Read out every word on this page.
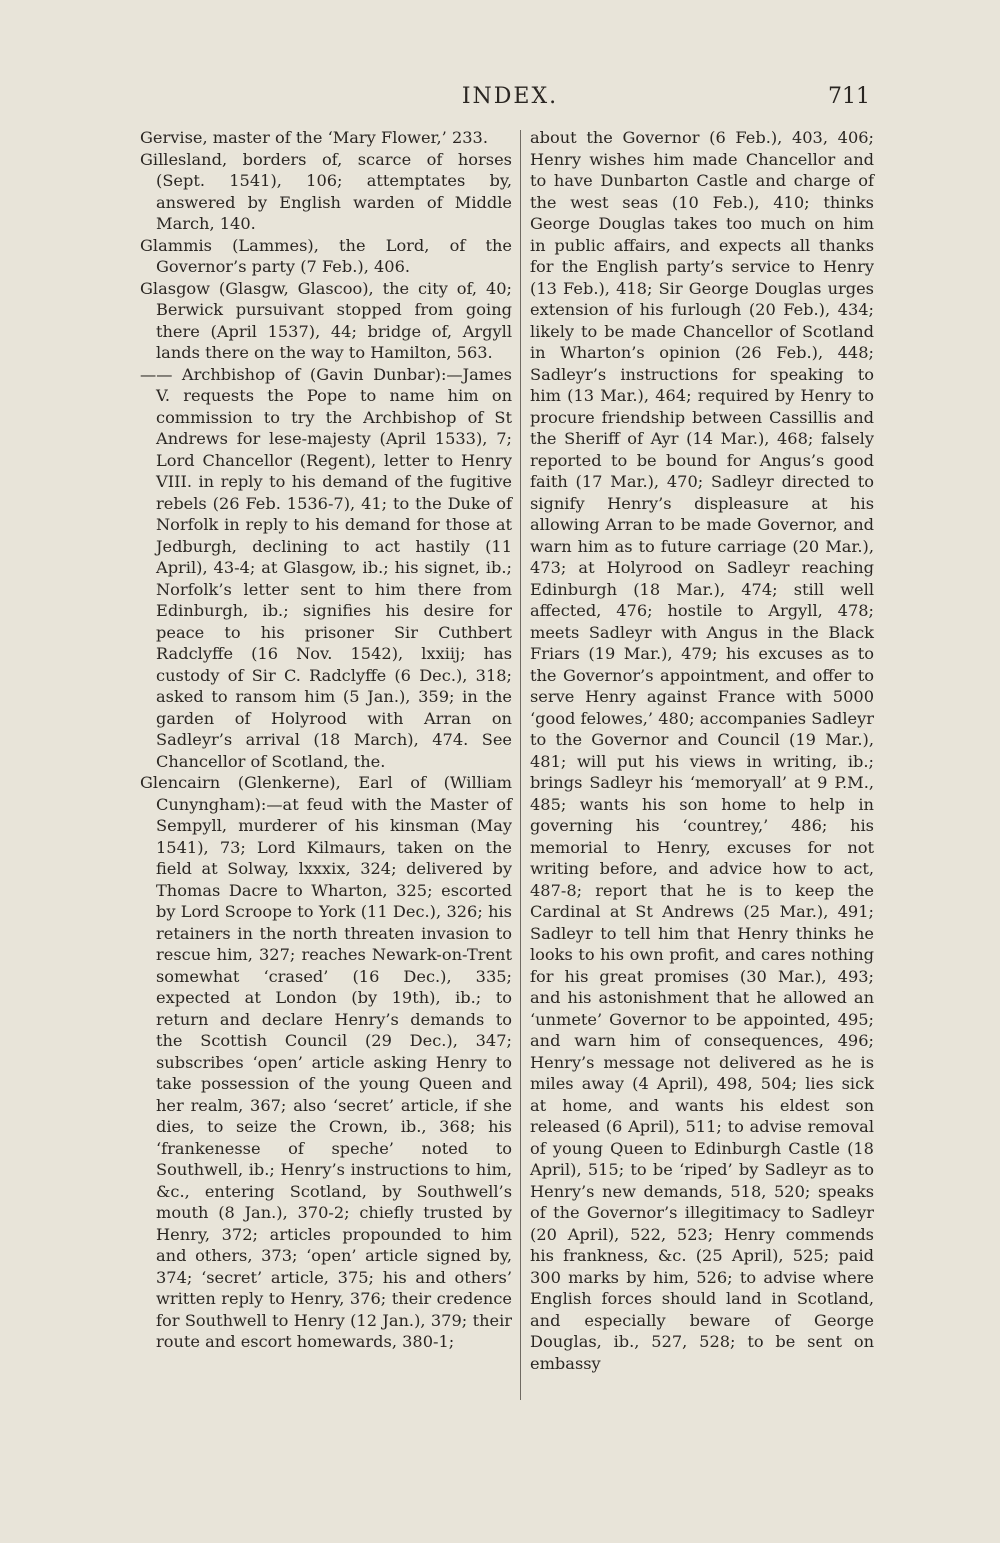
INDEX.	711

Gervise, master of the ‘Mary Flower,’ 233.

Gillesland, borders of, scarce of horses (Sept. 1541), 106; attemptates by, answered by English warden of Middle March, 140.

Glammis (Lammes), the Lord, of the Governor’s party (7 Feb.), 406.

Glasgow (Glasgw, Glascoo), the city of, 40; Berwick pursuivant stopped from going there (April 1537), 44; bridge of, Argyll lands there on the way to Hamilton, 563.

—— Archbishop of (Gavin Dunbar):—James V. requests the Pope to name him on commission to try the Archbishop of St Andrews for lese-majesty (April 1533), 7; Lord Chancellor (Regent), letter to Henry VIII. in reply to his demand of the fugitive rebels (26 Feb. 1536-7), 41; to the Duke of Norfolk in reply to his demand for those at Jedburgh, declining to act hastily (11 April), 43-4; at Glasgow, ib.; his signet, ib.; Norfolk’s letter sent to him there from Edinburgh, ib.; signifies his desire for peace to his prisoner Sir Cuthbert Radclyffe (16 Nov. 1542), lxxiij; has custody of Sir C. Radclyffe (6 Dec.), 318; asked to ransom him (5 Jan.), 359; in the garden of Holyrood with Arran on Sadleyr’s arrival (18 March), 474. See Chancellor of Scotland, the.

Glencairn (Glenkerne), Earl of (William Cunyngham):—at feud with the Master of Sempyll, murderer of his kinsman (May 1541), 73; Lord Kilmaurs, taken on the field at Solway, lxxxix, 324; delivered by Thomas Dacre to Wharton, 325; escorted by Lord Scroope to York (11 Dec.), 326; his retainers in the north threaten invasion to rescue him, 327; reaches Newark-on-Trent somewhat ‘crased’ (16 Dec.), 335; expected at London (by 19th), ib.; to return and declare Henry’s demands to the Scottish Council (29 Dec.), 347; subscribes ‘open’ article asking Henry to take possession of the young Queen and her realm, 367; also ‘secret’ article, if she dies, to seize the Crown, ib., 368; his ‘frankenesse of speche’ noted to Southwell, ib.; Henry’s instructions to him, &c., entering Scotland, by Southwell’s mouth (8 Jan.), 370-2; chiefly trusted by Henry, 372; articles propounded to him and others, 373; ‘open’ article signed by, 374; ‘secret’ article, 375; his and others’ written reply to Henry, 376; their credence for Southwell to Henry (12 Jan.), 379; their route and escort homewards, 380-1;

about the Governor (6 Feb.), 403, 406; Henry wishes him made Chancellor and to have Dunbarton Castle and charge of the west seas (10 Feb.), 410; thinks George Douglas takes too much on him in public affairs, and expects all thanks for the English party’s service to Henry (13 Feb.), 418; Sir George Douglas urges extension of his furlough (20 Feb.), 434; likely to be made Chancellor of Scotland in Wharton’s opinion (26 Feb.), 448; Sadleyr’s instructions for speaking to him (13 Mar.), 464; required by Henry to procure friendship between Cassillis and the Sheriff of Ayr (14 Mar.), 468; falsely reported to be bound for Angus’s good faith (17 Mar.), 470; Sadleyr directed to signify Henry’s displeasure at his allowing Arran to be made Governor, and warn him as to future carriage (20 Mar.), 473; at Holyrood on Sadleyr reaching Edinburgh (18 Mar.), 474; still well affected, 476; hostile to Argyll, 478; meets Sadleyr with Angus in the Black Friars (19 Mar.), 479; his excuses as to the Governor’s appointment, and offer to serve Henry against France with 5000 ‘good felowes,’ 480; accompanies Sadleyr to the Governor and Council (19 Mar.), 481; will put his views in writing, ib.; brings Sadleyr his ‘memoryall’ at 9 P.M., 485; wants his son home to help in governing his ‘countrey,’ 486; his memorial to Henry, excuses for not writing before, and advice how to act, 487-8; report that he is to keep the Cardinal at St Andrews (25 Mar.), 491; Sadleyr to tell him that Henry thinks he looks to his own profit, and cares nothing for his great promises (30 Mar.), 493; and his astonishment that he allowed an ‘unmete’ Governor to be appointed, 495; and warn him of consequences, 496; Henry’s message not delivered as he is miles away (4 April), 498, 504; lies sick at home, and wants his eldest son released (6 April), 511; to advise removal of young Queen to Edinburgh Castle (18 April), 515; to be ‘riped’ by Sadleyr as to Henry’s new demands, 518, 520; speaks of the Governor’s illegitimacy to Sadleyr (20 April), 522, 523; Henry commends his frankness, &c. (25 April), 525; paid 300 marks by him, 526; to advise where English forces should land in Scotland, and especially beware of George Douglas, ib., 527, 528; to be sent on embassy
